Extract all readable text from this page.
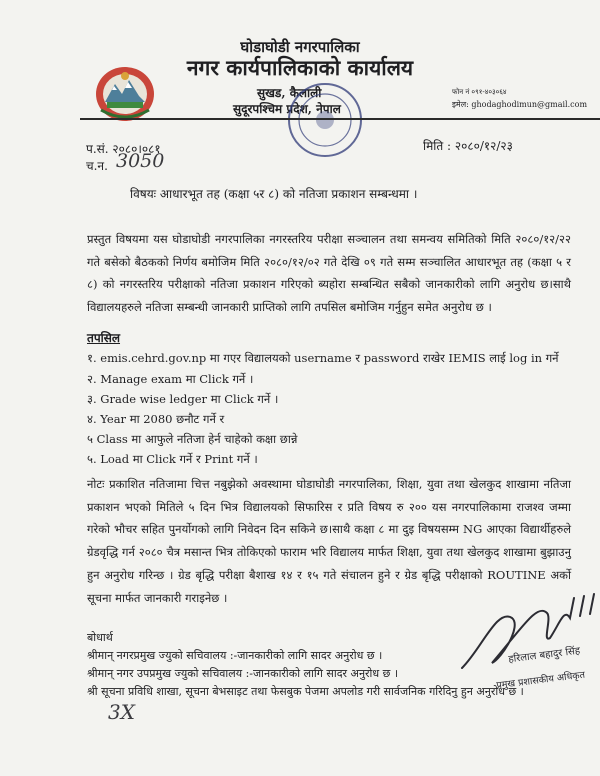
घोडाघोडी नगरपालिका
नगर कार्यपालिकाको कार्यालय
सुखड, कैलाली
सुदूरपश्चिम प्रदेश, नेपाल
फोन नं ०९१-४०३०६४
इमेल: ghodaghodimun@gmail.com
प.सं. २०८०।०८१
च.न. 3050
मिति : २०८०/१२/२३
विषयः आधारभूत तह (कक्षा ५र ८) को नतिजा प्रकाशन सम्बन्धमा ।
प्रस्तुत विषयमा यस घोडाघोडी नगरपालिका नगरस्तरिय परीक्षा सञ्चालन तथा समन्वय समितिको मिति २०८०/१२/२२ गते बसेको बैठकको निर्णय बमोजिम मिति २०८०/१२/०२ गते देखि ०९ गते सम्म सञ्चालित आधारभूत तह (कक्षा ५ र ८) को नगरस्तरिय परीक्षाको नतिजा प्रकाशन गरिएको ब्यहोरा सम्बन्धित सबैको जानकारीको लागि अनुरोध छ।साथै विद्यालयहरुले नतिजा सम्बन्धी जानकारी प्राप्तिको लागि तपसिल बमोजिम गर्नुहुन समेत अनुरोध छ ।
तपसिल
१. emis.cehrd.gov.np मा गएर विद्यालयको username र password राखेर IEMIS लाई log in गर्ने
२. Manage exam मा Click गर्ने ।
३. Grade wise ledger मा Click गर्ने ।
४. Year मा 2080 छनौट गर्ने र
५ Class मा आफुले नतिजा हेर्न चाहेको कक्षा छान्ने
५. Load मा Click गर्ने र Print गर्ने ।
नोटः प्रकाशित नतिजामा चित्त नबुझेको अवस्थामा घोडाघोडी नगरपालिका, शिक्षा, युवा तथा खेलकुद शाखामा नतिजा प्रकाशन भएको मितिले ५ दिन भित्र विद्यालयको सिफारिस र प्रति विषय रु २०० यस नगरपालिकामा राजश्व जम्मा गरेको भौचर सहित पुनर्योगको लागि निवेदन दिन सकिने छ।साथै कक्षा ८ मा दुइ विषयसम्म NG आएका विद्यार्थीहरुले ग्रेडवृद्धि गर्न २०८० चैत्र मसान्त भित्र तोकिएको फाराम भरि विद्यालय मार्फत शिक्षा, युवा तथा खेलकुद शाखामा बुझाउनु हुन अनुरोध गरिन्छ । ग्रेड बृद्धि परीक्षा बैशाख १४ र १५ गते संचालन हुने र ग्रेड बृद्धि परीक्षाको ROUTINE अर्को सूचना मार्फत जानकारी गराइनेछ ।
बोधार्थ
श्रीमान् नगरप्रमुख ज्युको सचिवालय :-जानकारीको लागि सादर अनुरोध छ ।
श्रीमान् नगर उपप्रमुख ज्युको सचिवालय :-जानकारीको लागि सादर अनुरोध छ ।
श्री सूचना प्रविधि शाखा, सूचना बेभसाइट तथा फेसबुक पेजमा अपलोड गरी सार्वजनिक गरिदिनु हुन अनुरोध छ ।
हरिलाल बहादुर सिंह
प्रमुख प्रशासकीय अधिकृत
3X
